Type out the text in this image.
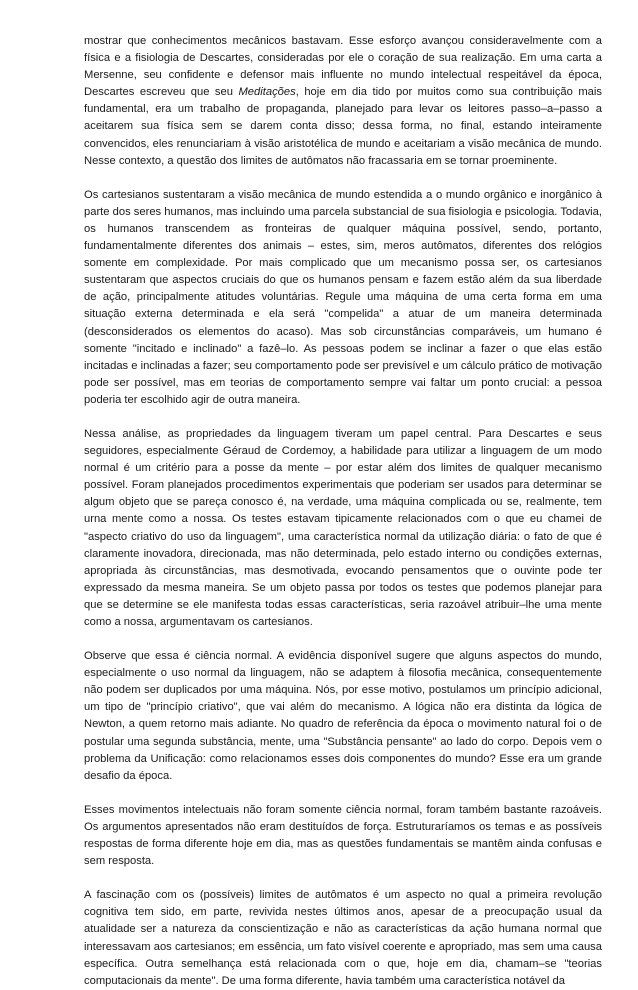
mostrar que conhecimentos mecânicos bastavam. Esse esforço avançou consideravelmente com a física e a fisiologia de Descartes, consideradas por ele o coração de sua realização. Em uma carta a Mersenne, seu confidente e defensor mais influente no mundo intelectual respeitável da época, Descartes escreveu que seu Meditações, hoje em dia tido por muitos como sua contribuição mais fundamental, era um trabalho de propaganda, planejado para levar os leitores passo–a–passo a aceitarem sua física sem se darem conta disso; dessa forma, no final, estando inteiramente convencidos, eles renunciariam à visão aristotélica de mundo e aceitariam a visão mecânica de mundo. Nesse contexto, a questão dos limites de autômatos não fracassaria em se tornar proeminente.

Os cartesianos sustentaram a visão mecânica de mundo estendida a o mundo orgânico e inorgânico à parte dos seres humanos, mas incluindo uma parcela substancial de sua fisiologia e psicologia. Todavia, os humanos transcendem as fronteiras de qualquer máquina possível, sendo, portanto, fundamentalmente diferentes dos animais – estes, sim, meros autômatos, diferentes dos relógios somente em complexidade. Por mais complicado que um mecanismo possa ser, os cartesianos sustentaram que aspectos cruciais do que os humanos pensam e fazem estão além da sua liberdade de ação, principalmente atitudes voluntárias. Regule uma máquina de uma certa forma em uma situação externa determinada e ela será "compelida" a atuar de um maneira determinada (desconsiderados os elementos do acaso). Mas sob circunstâncias comparáveis, um humano é somente "incitado e inclinado" a fazê–lo. As pessoas podem se inclinar a fazer o que elas estão incitadas e inclinadas a fazer; seu comportamento pode ser previsível e um cálculo prático de motivação pode ser possível, mas em teorias de comportamento sempre vai faltar um ponto crucial: a pessoa poderia ter escolhido agir de outra maneira.

Nessa análise, as propriedades da linguagem tiveram um papel central. Para Descartes e seus seguidores, especialmente Géraud de Cordemoy, a habilidade para utilizar a linguagem de um modo normal é um critério para a posse da mente – por estar além dos limites de qualquer mecanismo possível. Foram planejados procedimentos experimentais que poderiam ser usados para determinar se algum objeto que se pareça conosco é, na verdade, uma máquina complicada ou se, realmente, tem urna mente como a nossa. Os testes estavam tipicamente relacionados com o que eu chamei de "aspecto criativo do uso da linguagem", uma característica normal da utilização diária: o fato de que é claramente inovadora, direcionada, mas não determinada, pelo estado interno ou condições externas, apropriada às circunstâncias, mas desmotivada, evocando pensamentos que o ouvinte pode ter expressado da mesma maneira. Se um objeto passa por todos os testes que podemos planejar para que se determine se ele manifesta todas essas características, seria razoável atribuir–lhe uma mente como a nossa, argumentavam os cartesianos.

Observe que essa é ciência normal. A evidência disponível sugere que alguns aspectos do mundo, especialmente o uso normal da linguagem, não se adaptem à filosofia mecânica, consequentemente não podem ser duplicados por uma máquina. Nós, por esse motivo, postulamos um princípio adicional, um tipo de "princípio criativo", que vai além do mecanismo. A lógica não era distinta da lógica de Newton, a quem retorno mais adiante. No quadro de referência da época o movimento natural foi o de postular uma segunda substância, mente, uma "Substância pensante" ao lado do corpo. Depois vem o problema da Unificação: como relacionamos esses dois componentes do mundo? Esse era um grande desafio da época.

Esses movimentos intelectuais não foram somente ciência normal, foram também bastante razoáveis. Os argumentos apresentados não eram destituídos de força. Estruturaríamos os temas e as possíveis respostas de forma diferente hoje em dia, mas as questões fundamentais se mantêm ainda confusas e sem resposta.

A fascinação com os (possíveis) limites de autômatos é um aspecto no qual a primeira revolução cognitiva tem sido, em parte, revivida nestes últimos anos, apesar de a preocupação usual da atualidade ser a natureza da conscientização e não as características da ação humana normal que interessavam aos cartesianos; em essência, um fato visível coerente e apropriado, mas sem uma causa específica. Outra semelhança está relacionada com o que, hoje em dia, chamam–se "teorias computacionais da mente". De uma forma diferente, havia também uma característica notável da
